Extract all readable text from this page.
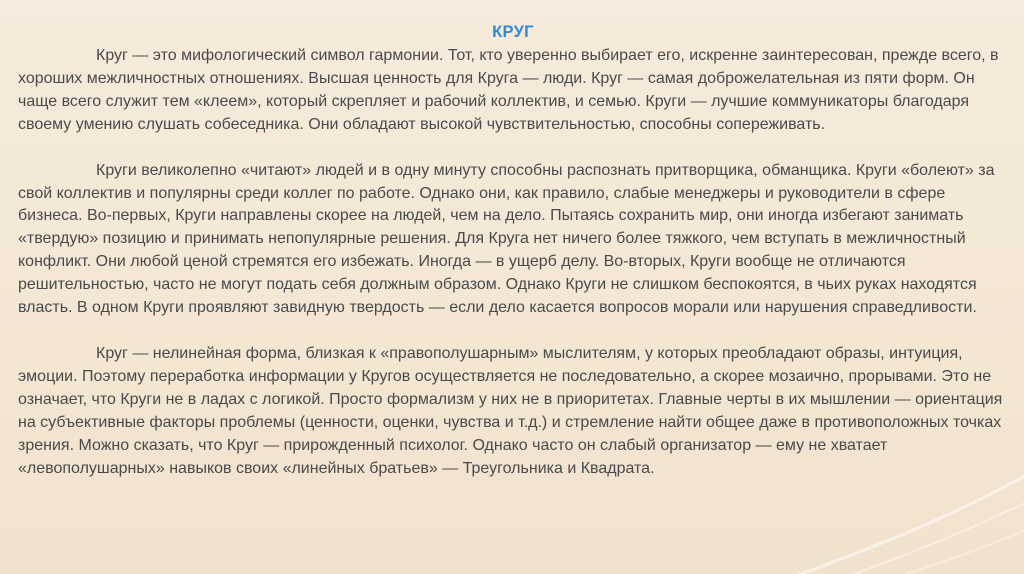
КРУГ

Круг — это мифологический символ гармонии. Тот, кто уверенно выбирает его, искренне заинтересован, прежде всего, в хороших межличностных отношениях. Высшая ценность для Круга — люди. Круг — самая доброжелательная из пяти форм. Он чаще всего служит тем «клеем», который скрепляет и рабочий коллектив, и семью. Круги — лучшие коммуникаторы благодаря своему умению слушать собеседника. Они обладают высокой чувствительностью, способны сопереживать.

Круги великолепно «читают» людей и в одну минуту способны распознать притворщика, обманщика. Круги «болеют» за свой коллектив и популярны среди коллег по работе. Однако они, как правило, слабые менеджеры и руководители в сфере бизнеса. Во-первых, Круги направлены скорее на людей, чем на дело. Пытаясь сохранить мир, они иногда избегают занимать «твердую» позицию и принимать непопулярные решения. Для Круга нет ничего более тяжкого, чем вступать в межличностный конфликт. Они любой ценой стремятся его избежать. Иногда — в ущерб делу. Во-вторых, Круги вообще не отличаются решительностью, часто не могут подать себя должным образом. Однако Круги не слишком беспокоятся, в чьих руках находятся власть. В одном Круги проявляют завидную твердость — если дело касается вопросов морали или нарушения справедливости.

Круг — нелинейная форма, близкая к «правополушарным» мыслителям, у которых преобладают образы, интуиция, эмоции. Поэтому переработка информации у Кругов осуществляется не последовательно, а скорее мозаично, прорывами. Это не означает, что Круги не в ладах с логикой. Просто формализм у них не в приоритетах. Главные черты в их мышлении — ориентация на субъективные факторы проблемы (ценности, оценки, чувства и т.д.) и стремление найти общее даже в противоположных точках зрения. Можно сказать, что Круг — прирожденный психолог. Однако часто он слабый организатор — ему не хватает «левополушарных» навыков своих «линейных братьев» — Треугольника и Квадрата.
